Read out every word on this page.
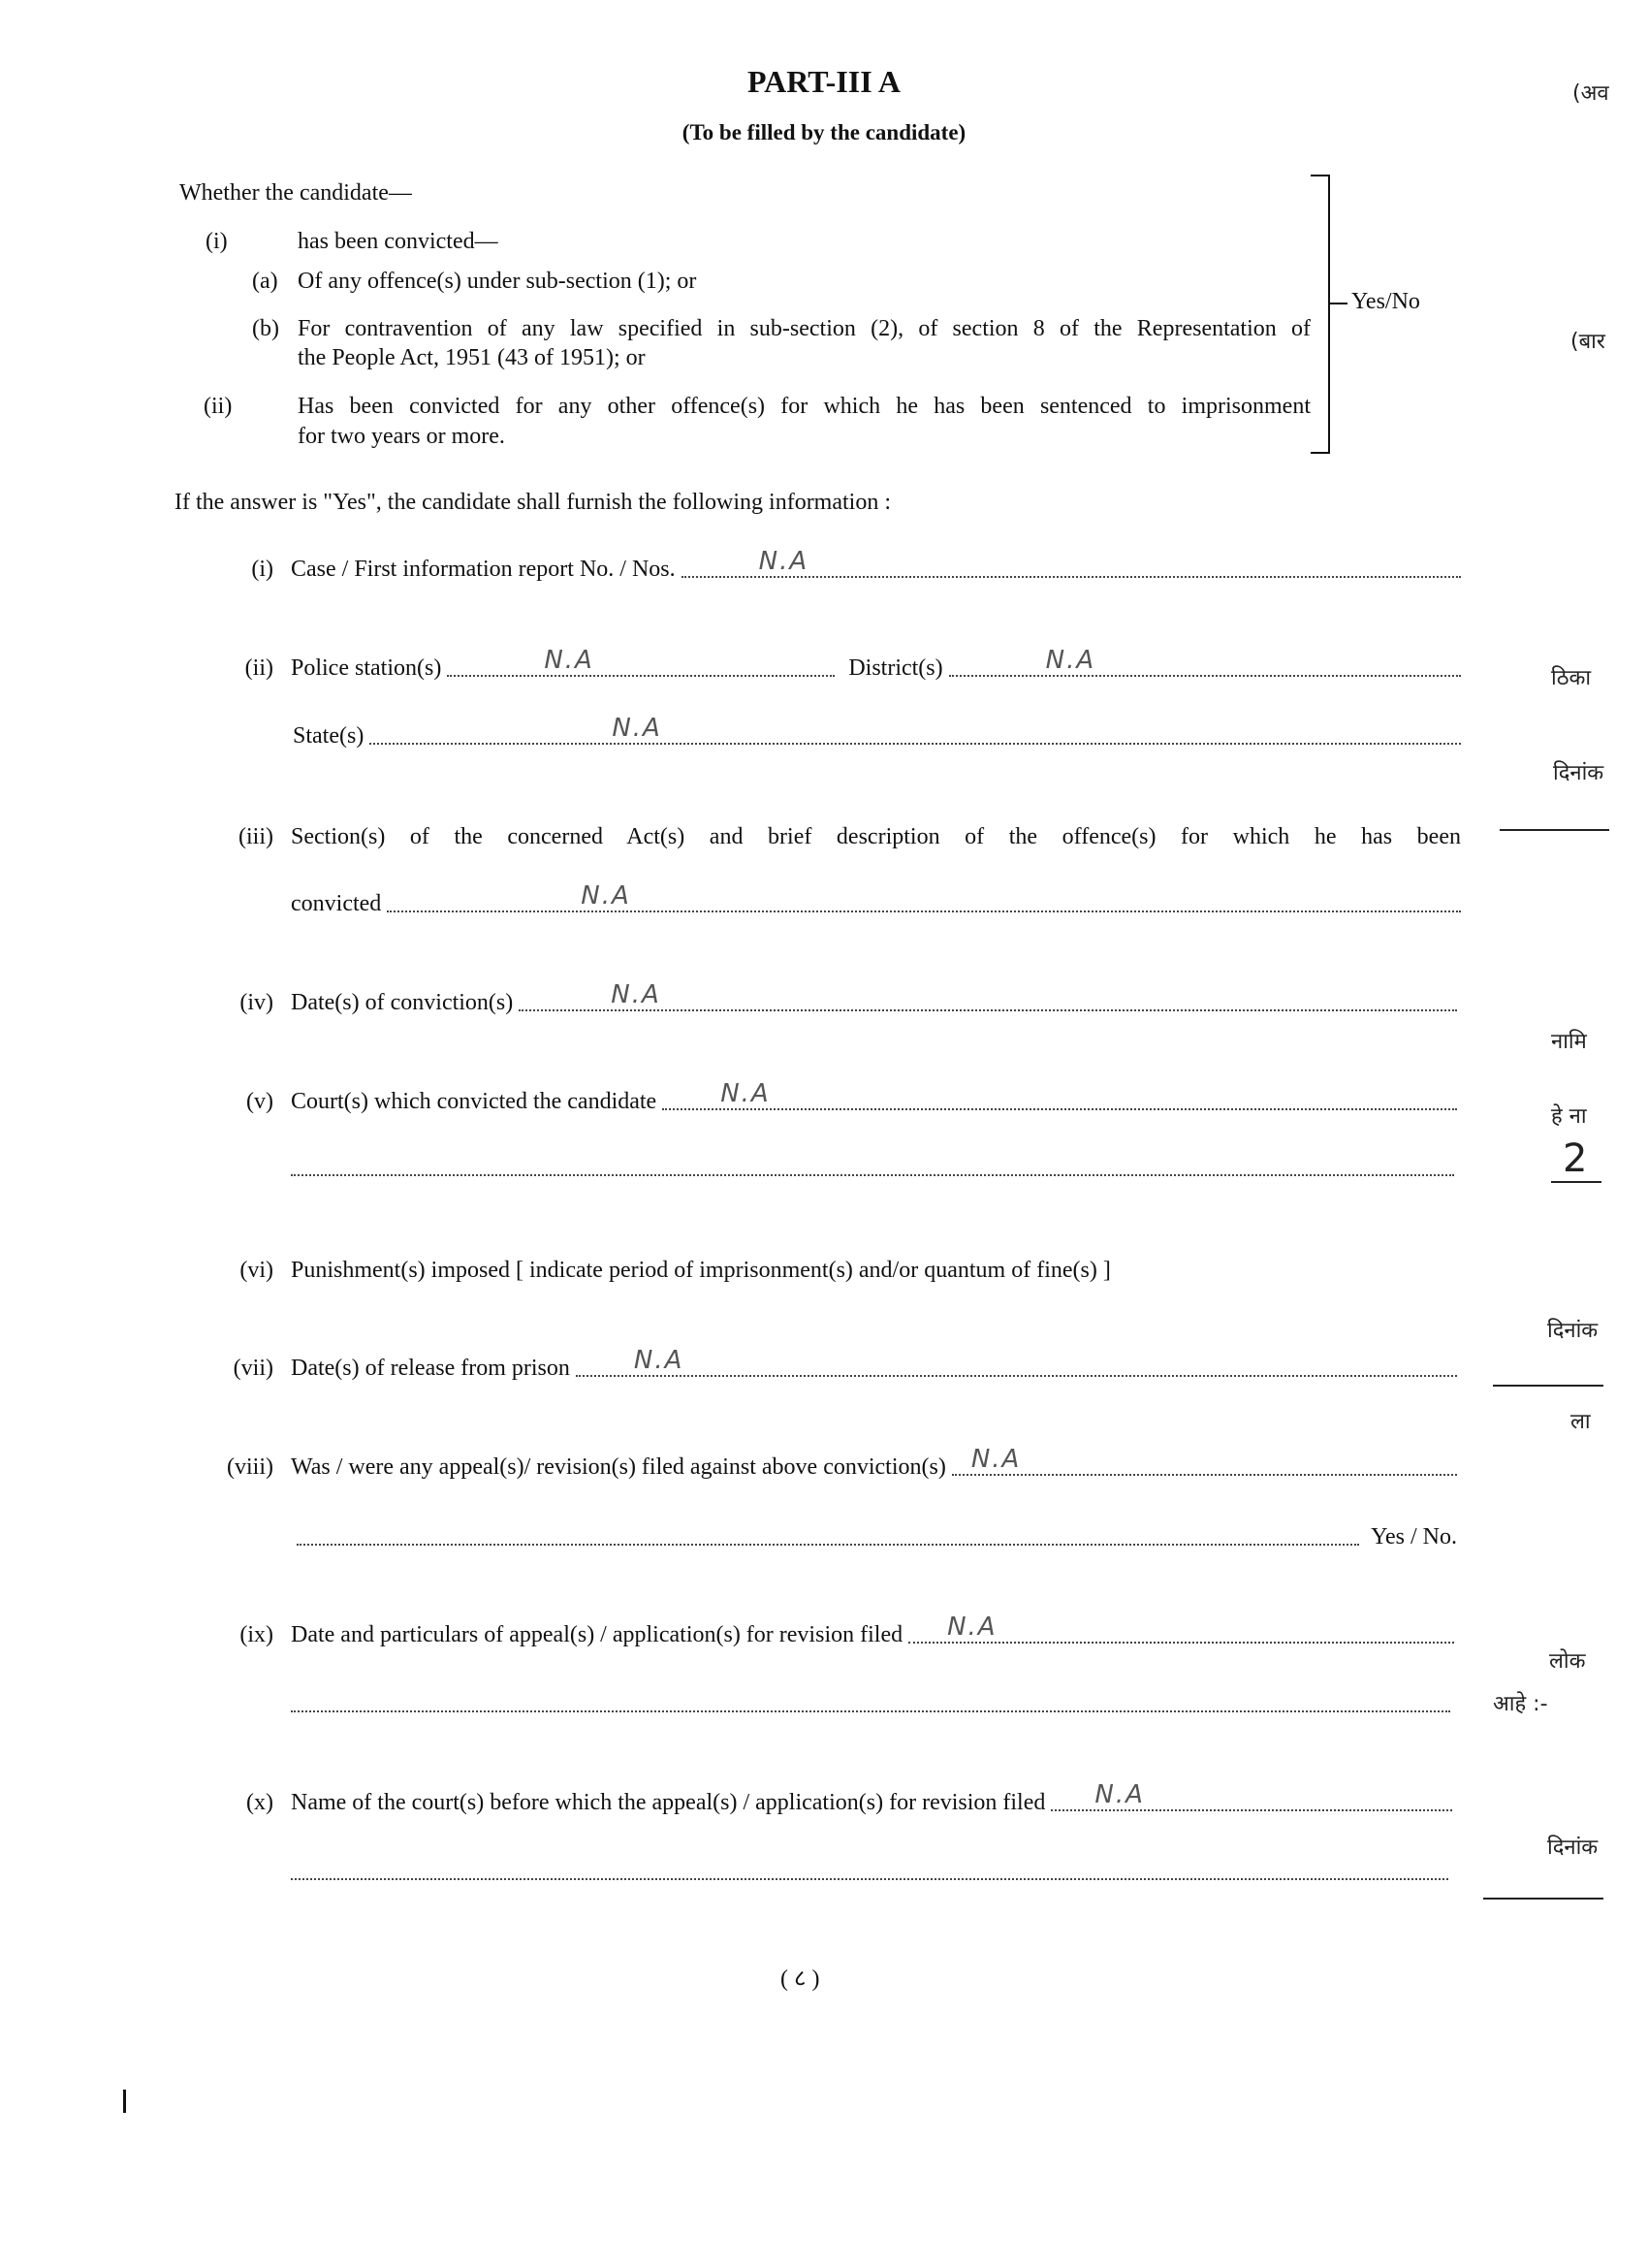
PART-III A
(To be filled by the candidate)
Whether the candidate—
(i)	has been convicted—
(a) Of any offence(s) under sub-section (1); or
(b) For contravention of any law specified in sub-section (2), of section 8 of the Representation of
the People Act, 1951 (43 of 1951); or
(ii)	Has been convicted for any other offence(s) for which he has been sentenced to imprisonment
for two years or more.
Yes/No
If the answer is "Yes", the candidate shall furnish the following information :
(i) Case / First information report No. / Nos.	N.A
(ii) Police station(s)	N.A	District(s)	N.A
State(s)	N.A
(iii) Section(s) of the concerned Act(s) and brief description of the offence(s) for which he has been
convicted	N.A
(iv) Date(s) of conviction(s)	N.A
(v) Court(s) which convicted the candidate	N.A
(vi) Punishment(s) imposed [ indicate period of imprisonment(s) and/or quantum of fine(s) ]
(vii) Date(s) of release from prison	N.A
(viii) Was / were any appeal(s)/ revision(s) filed against above conviction(s) N.A
Yes / No.
(ix) Date and particulars of appeal(s) / application(s) for revision filed N.A
(x) Name of the court(s) before which the appeal(s) / application(s) for revision filed N.A
( ८ )
(अव
(बार
ठिका
दिनांक
नामि
हे ना
2
दिनांक
ला
लोक
आहे :-
दिनांक
